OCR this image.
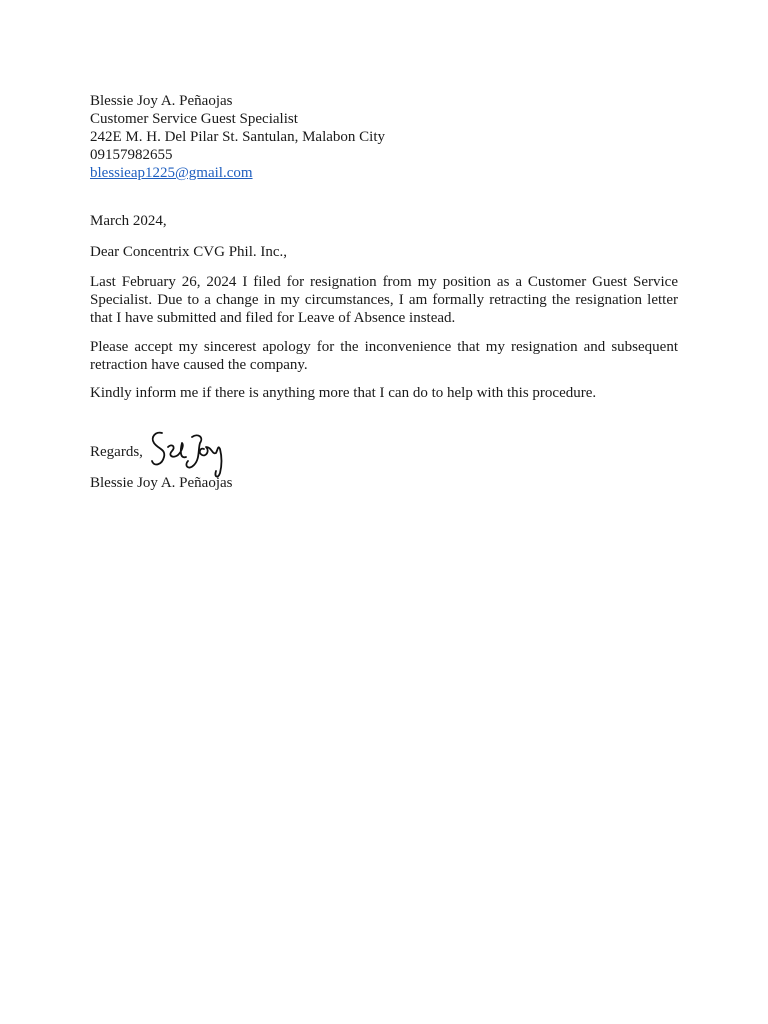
Blessie Joy A. Peñaojas
Customer Service Guest Specialist
242E M. H. Del Pilar St. Santulan, Malabon City
09157982655
blessieap1225@gmail.com
March 2024,
Dear Concentrix CVG Phil. Inc.,
Last February 26, 2024 I filed for resignation from my position as a Customer Guest Service Specialist. Due to a change in my circumstances, I am formally retracting the resignation letter that I have submitted and filed for Leave of Absence instead.
Please accept my sincerest apology for the inconvenience that my resignation and subsequent retraction have caused the company.
Kindly inform me if there is anything more that I can do to help with this procedure.
Regards,
Blessie Joy A. Peñaojas
